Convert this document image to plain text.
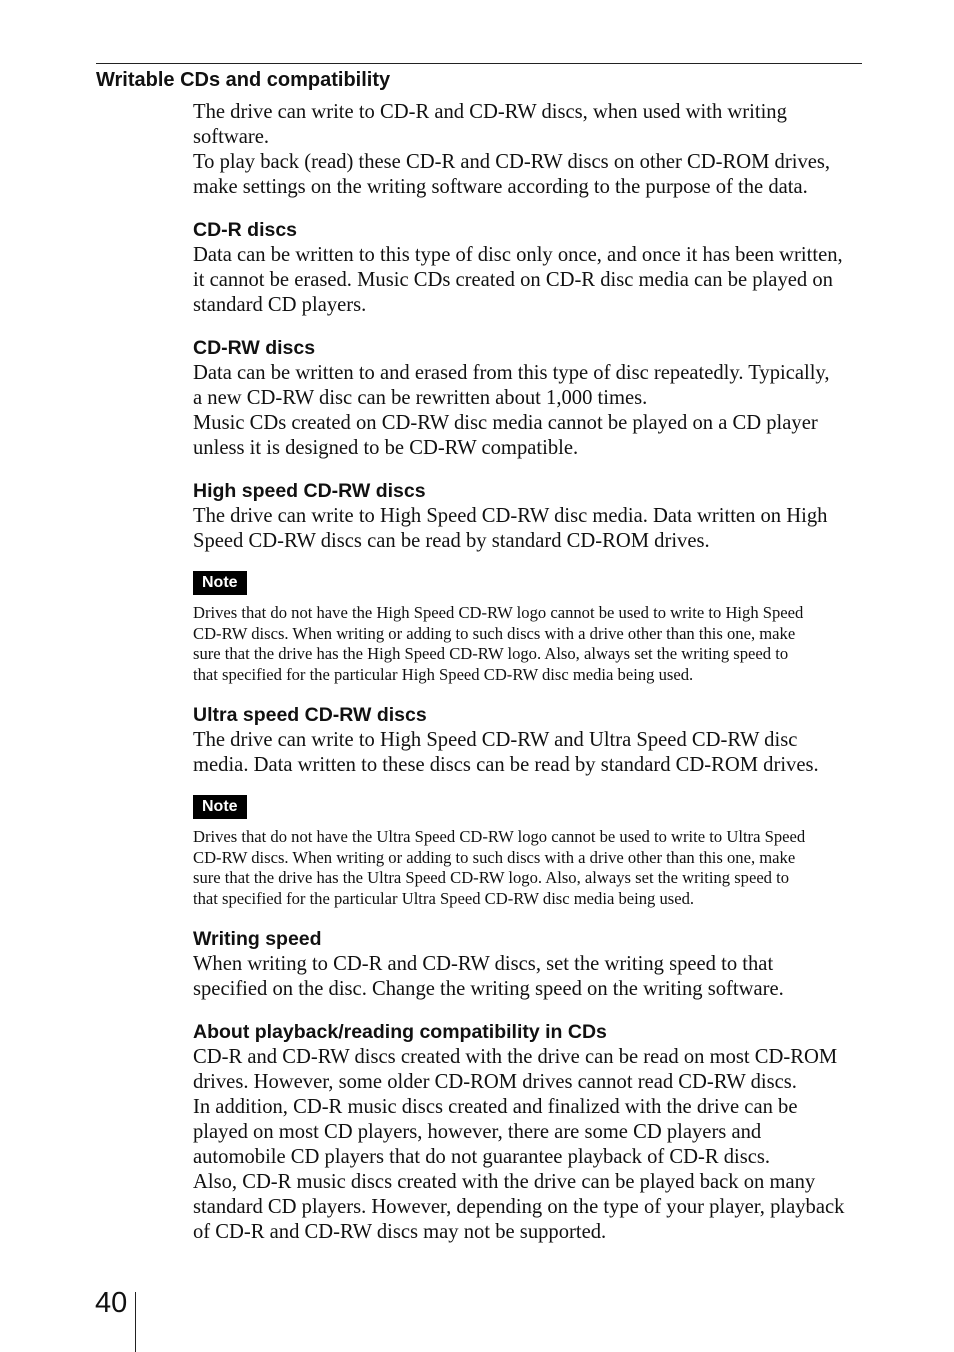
Writable CDs and compatibility

The drive can write to CD-R and CD-RW discs, when used with writing
software.
To play back (read) these CD-R and CD-RW discs on other CD-ROM drives,
make settings on the writing software according to the purpose of the data.

CD-R discs

Data can be written to this type of disc only once, and once it has been written,
it cannot be erased. Music CDs created on CD-R disc media can be played on
standard CD players.

CD-RW discs

Data can be written to and erased from this type of disc repeatedly. Typically,
a new CD-RW disc can be rewritten about 1,000 times.
Music CDs created on CD-RW disc media cannot be played on a CD player
unless it is designed to be CD-RW compatible.

High speed CD-RW discs

The drive can write to High Speed CD-RW disc media. Data written on High
Speed CD-RW discs can be read by standard CD-ROM drives.

Note

Drives that do not have the High Speed CD-RW logo cannot be used to write to High Speed
CD-RW discs. When writing or adding to such discs with a drive other than this one, make
sure that the drive has the High Speed CD-RW logo. Also, always set the writing speed to
that specified for the particular High Speed CD-RW disc media being used.

Ultra speed CD-RW discs

The drive can write to High Speed CD-RW and Ultra Speed CD-RW disc
media. Data written to these discs can be read by standard CD-ROM drives.

Note

Drives that do not have the Ultra Speed CD-RW logo cannot be used to write to Ultra Speed
CD-RW discs. When writing or adding to such discs with a drive other than this one, make
sure that the drive has the Ultra Speed CD-RW logo. Also, always set the writing speed to
that specified for the particular Ultra Speed CD-RW disc media being used.

Writing speed

When writing to CD-R and CD-RW discs, set the writing speed to that
specified on the disc. Change the writing speed on the writing software.

About playback/reading compatibility in CDs

CD-R and CD-RW discs created with the drive can be read on most CD-ROM
drives. However, some older CD-ROM drives cannot read CD-RW discs.
In addition, CD-R music discs created and finalized with the drive can be
played on most CD players, however, there are some CD players and
automobile CD players that do not guarantee playback of CD-R discs.
Also, CD-R music discs created with the drive can be played back on many
standard CD players. However, depending on the type of your player, playback
of CD-R and CD-RW discs may not be supported.

40
